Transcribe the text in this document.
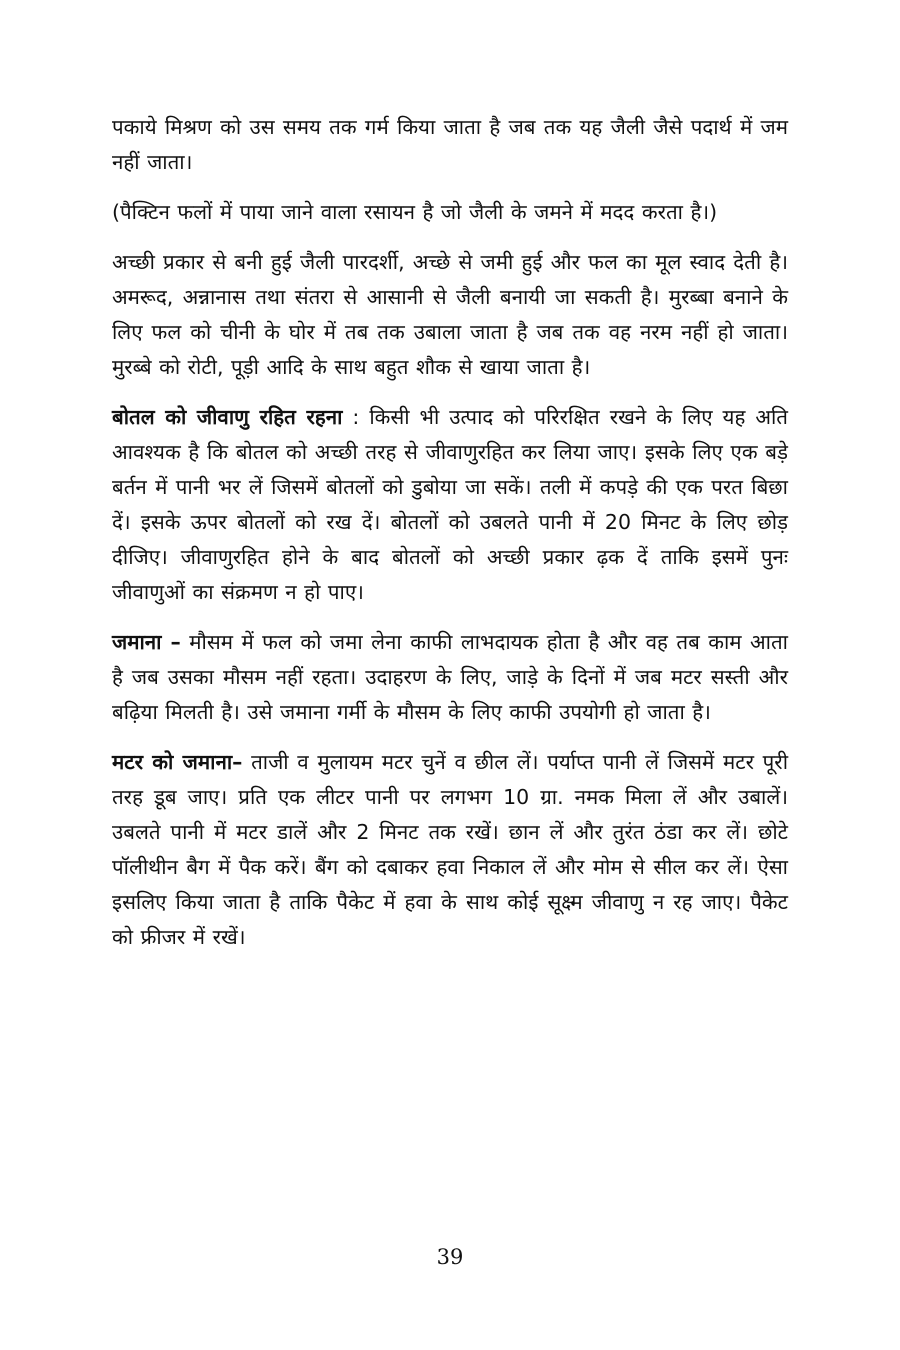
पकाये मिश्रण को उस समय तक गर्म किया जाता है जब तक यह जैली जैसे पदार्थ में जम नहीं जाता।

(पैक्टिन फलों में पाया जाने वाला रसायन है जो जैली के जमने में मदद करता है।)

अच्छी प्रकार से बनी हुई जैली पारदर्शी, अच्छे से जमी हुई और फल का मूल स्वाद देती है। अमरूद, अन्नानास तथा संतरा से आसानी से जैली बनायी जा सकती है। मुरब्बा बनाने के लिए फल को चीनी के घोर में तब तक उबाला जाता है जब तक वह नरम नहीं हो जाता। मुरब्बे को रोटी, पूड़ी आदि के साथ बहुत शौक से खाया जाता है।

बोतल को जीवाणु रहित रहना : किसी भी उत्पाद को परिरक्षित रखने के लिए यह अति आवश्यक है कि बोतल को अच्छी तरह से जीवाणुरहित कर लिया जाए। इसके लिए एक बड़े बर्तन में पानी भर लें जिसमें बोतलों को डुबोया जा सकें। तली में कपड़े की एक परत बिछा दें। इसके ऊपर बोतलों को रख दें। बोतलों को उबलते पानी में 20 मिनट के लिए छोड़ दीजिए। जीवाणुरहित होने के बाद बोतलों को अच्छी प्रकार ढ़क दें ताकि इसमें पुनः जीवाणुओं का संक्रमण न हो पाए।

जमाना – मौसम में फल को जमा लेना काफी लाभदायक होता है और वह तब काम आता है जब उसका मौसम नहीं रहता। उदाहरण के लिए, जाड़े के दिनों में जब मटर सस्ती और बढ़िया मिलती है। उसे जमाना गर्मी के मौसम के लिए काफी उपयोगी हो जाता है।

मटर को जमाना– ताजी व मुलायम मटर चुनें व छील लें। पर्याप्त पानी लें जिसमें मटर पूरी तरह डूब जाए। प्रति एक लीटर पानी पर लगभग 10 ग्रा. नमक मिला लें और उबालें। उबलते पानी में मटर डालें और 2 मिनट तक रखें। छान लें और तुरंत ठंडा कर लें। छोटे पॉलीथीन बैग में पैक करें। बैंग को दबाकर हवा निकाल लें और मोम से सील कर लें। ऐसा इसलिए किया जाता है ताकि पैकेट में हवा के साथ कोई सूक्ष्म जीवाणु न रह जाए। पैकेट को फ्रीजर में रखें।

39
